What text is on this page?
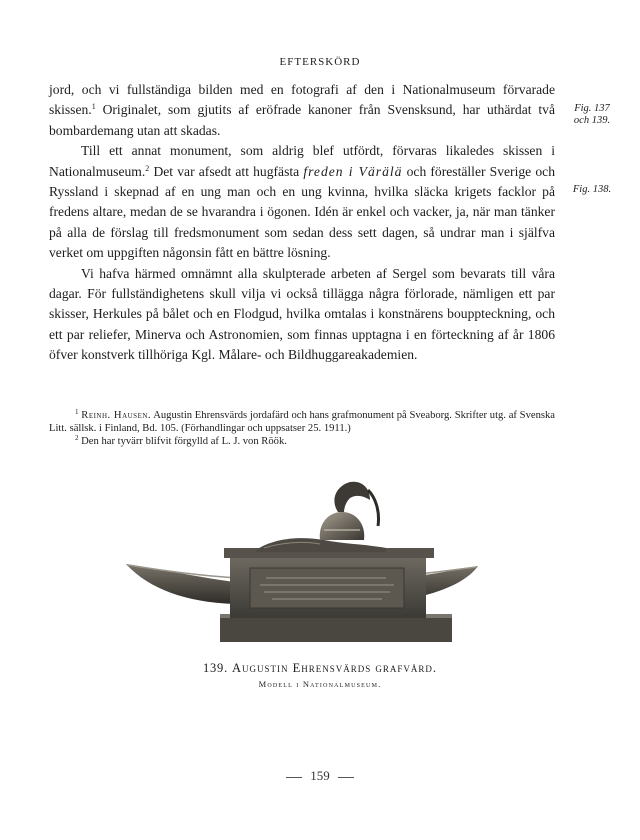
EFTERSKÖRD

jord, och vi fullständiga bilden med en fotografi af den i Nationalmuseum förvarade skissen.$^1$ Originalet, som gjutits af eröfrade kanoner från Svensksund, har uthärdat två bombardemang utan att skadas.

Till ett annat monument, som aldrig blef utfördt, förvaras likaledes skissen i Nationalmuseum.$^2$ Det var afsedt att hugfästa freden i Värälä och föreställer Sverige och Ryssland i skepnad af en ung man och en ung kvinna, hvilka släcka krigets facklor på fredens altare, medan de se hvarandra i ögonen. Idén är enkel och vacker, ja, när man tänker på alla de förslag till fredsmonument som sedan dess sett dagen, så undrar man i själfva verket om uppgiften någonsin fått en bättre lösning.

Vi hafva härmed omnämnt alla skulpterade arbeten af Sergel som bevarats till våra dagar. För fullständighetens skull vilja vi också tillägga några förlorade, nämligen ett par skisser, Herkules på bålet och en Flodgud, hvilka omtalas i konstnärens bouppteckning, och ett par reliefer, Minerva och Astronomien, som finnas upptagna i en förteckning af år 1806 öfver konstverk tillhöriga Kgl. Målare- och Bildhuggareakademien.

Fig. 137
och 139.
Fig. 138.

$^1$ Reinh. Hausen. Augustin Ehrensvärds jordafärd och hans grafmonument på Sveaborg. Skrifter utg. af Svenska Litt. sällsk. i Finland, Bd. 105. (Förhandlingar och uppsatser 25. 1911.)

$^2$ Den har tyvärr blifvit förgylld af L. J. von Röök.

139. Augustin Ehrensvärds grafvård.
Modell i Nationalmuseum.
159
